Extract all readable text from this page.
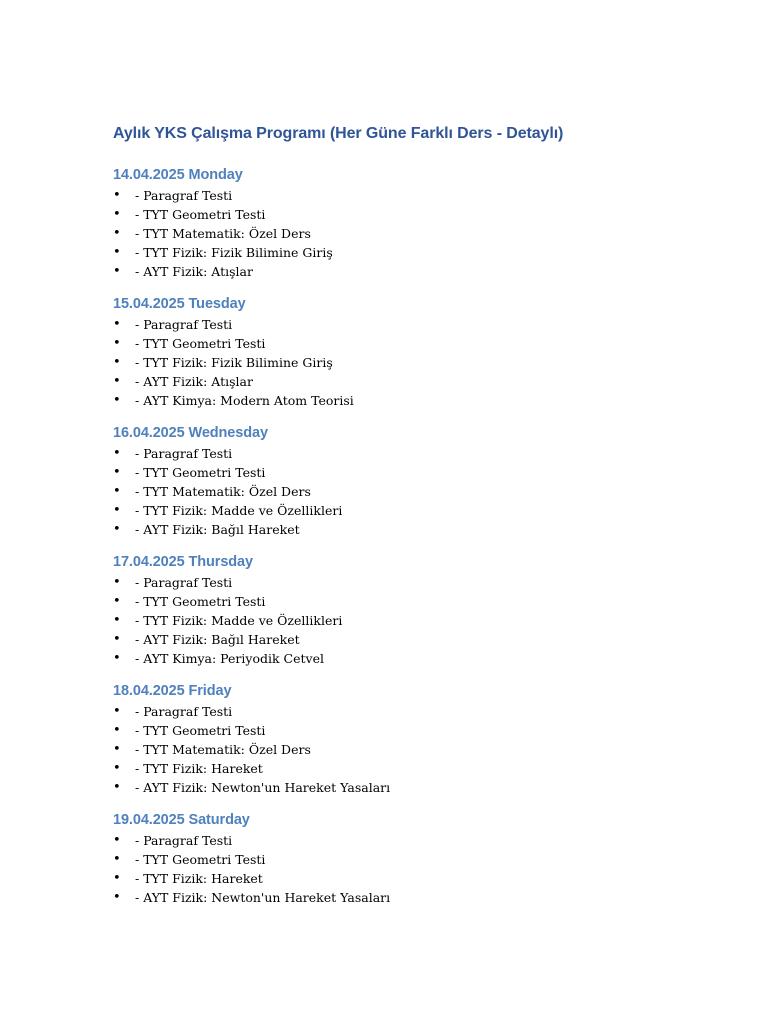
Aylık YKS Çalışma Programı (Her Güne Farklı Ders - Detaylı)
14.04.2025 Monday
• - Paragraf Testi
• - TYT Geometri Testi
• - TYT Matematik: Özel Ders
• - TYT Fizik: Fizik Bilimine Giriş
• - AYT Fizik: Atışlar
15.04.2025 Tuesday
• - Paragraf Testi
• - TYT Geometri Testi
• - TYT Fizik: Fizik Bilimine Giriş
• - AYT Fizik: Atışlar
• - AYT Kimya: Modern Atom Teorisi
16.04.2025 Wednesday
• - Paragraf Testi
• - TYT Geometri Testi
• - TYT Matematik: Özel Ders
• - TYT Fizik: Madde ve Özellikleri
• - AYT Fizik: Bağıl Hareket
17.04.2025 Thursday
• - Paragraf Testi
• - TYT Geometri Testi
• - TYT Fizik: Madde ve Özellikleri
• - AYT Fizik: Bağıl Hareket
• - AYT Kimya: Periyodik Cetvel
18.04.2025 Friday
• - Paragraf Testi
• - TYT Geometri Testi
• - TYT Matematik: Özel Ders
• - TYT Fizik: Hareket
• - AYT Fizik: Newton'un Hareket Yasaları
19.04.2025 Saturday
• - Paragraf Testi
• - TYT Geometri Testi
• - TYT Fizik: Hareket
• - AYT Fizik: Newton'un Hareket Yasaları
